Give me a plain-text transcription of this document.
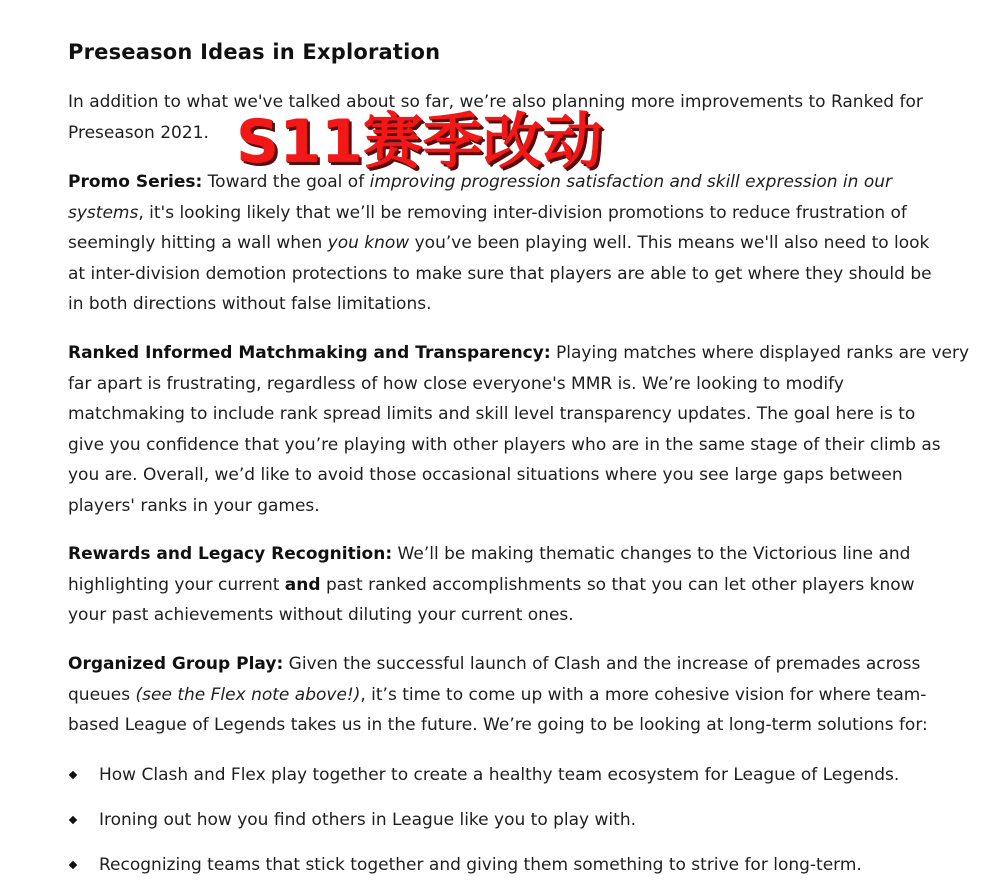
Preseason Ideas in Exploration

In addition to what we've talked about so far, we’re also planning more improvements to Ranked for
Preseason 2021.

Promo Series: Toward the goal of improving progression satisfaction and skill expression in our
systems, it's looking likely that we’ll be removing inter-division promotions to reduce frustration of
seemingly hitting a wall when you know you’ve been playing well. This means we'll also need to look
at inter-division demotion protections to make sure that players are able to get where they should be
in both directions without false limitations.

Ranked Informed Matchmaking and Transparency: Playing matches where displayed ranks are very
far apart is frustrating, regardless of how close everyone's MMR is. We’re looking to modify
matchmaking to include rank spread limits and skill level transparency updates. The goal here is to
give you confidence that you’re playing with other players who are in the same stage of their climb as
you are. Overall, we’d like to avoid those occasional situations where you see large gaps between
players' ranks in your games.

Rewards and Legacy Recognition: We’ll be making thematic changes to the Victorious line and
highlighting your current and past ranked accomplishments so that you can let other players know
your past achievements without diluting your current ones.

Organized Group Play: Given the successful launch of Clash and the increase of premades across
queues (see the Flex note above!), it’s time to come up with a more cohesive vision for where team-
based League of Legends takes us in the future. We’re going to be looking at long-term solutions for:

How Clash and Flex play together to create a healthy team ecosystem for League of Legends.
Ironing out how you find others in League like you to play with.
Recognizing teams that stick together and giving them something to strive for long-term.
S11赛季改动
